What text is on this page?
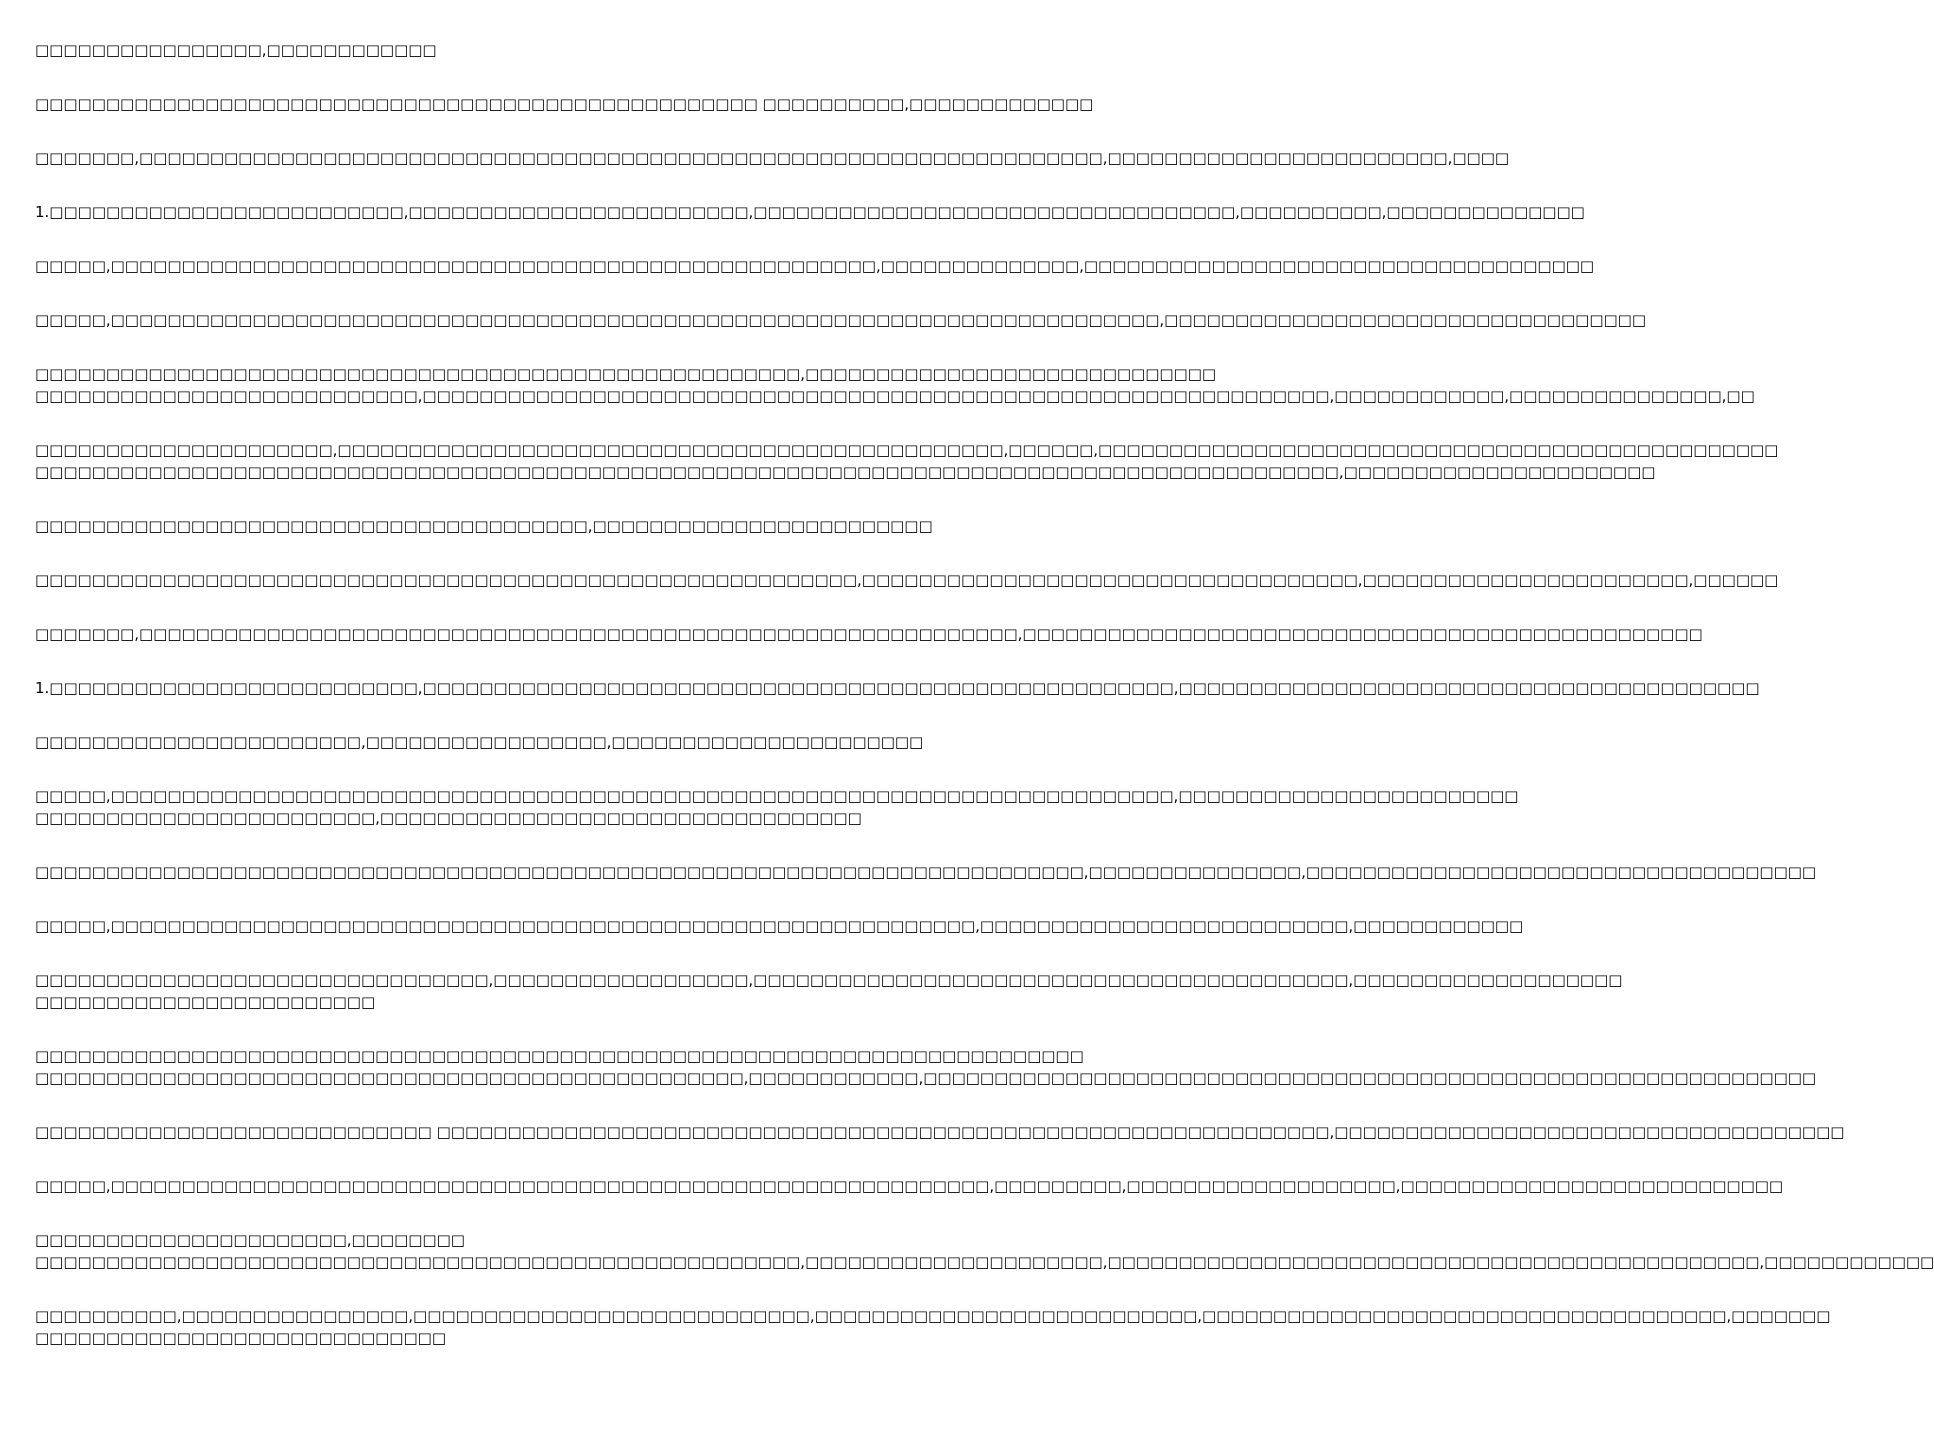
□□□□□□□□□□□□□□□□,□□□□□□□□□□□□

□□□□□□□□□□□□□□□□□□□□□□□□□□□□□□□□□□□□□□□□□□□□□□□□□□□ □□□□□□□□□□,□□□□□□□□□□□□□

□□□□□□□,□□□□□□□□□□□□□□□□□□□□□□□□□□□□□□□□□□□□□□□□□□□□□□□□□□□□□□□□□□□□□□□□□□□□,□□□□□□□□□□□□□□□□□□□□□□□□,□□□□

1.□□□□□□□□□□□□□□□□□□□□□□□□□,□□□□□□□□□□□□□□□□□□□□□□□□,□□□□□□□□□□□□□□□□□□□□□□□□□□□□□□□□□□,□□□□□□□□□□,□□□□□□□□□□□□□□

□□□□□,□□□□□□□□□□□□□□□□□□□□□□□□□□□□□□□□□□□□□□□□□□□□□□□□□□□□□□,□□□□□□□□□□□□□□,□□□□□□□□□□□□□□□□□□□□□□□□□□□□□□□□□□□□

□□□□□,□□□□□□□□□□□□□□□□□□□□□□□□□□□□□□□□□□□□□□□□□□□□□□□□□□□□□□□□□□□□□□□□□□□□□□□□□□,□□□□□□□□□□□□□□□□□□□□□□□□□□□□□□□□□□

□□□□□□□□□□□□□□□□□□□□□□□□□□□□□□□□□□□□□□□□□□□□□□□□□□□□□□,□□□□□□□□□□□□□□□□□□□□□□□□□□□□□
□□□□□□□□□□□□□□□□□□□□□□□□□□□,□□□□□□□□□□□□□□□□□□□□□□□□□□□□□□□□□□□□□□□□□□□□□□□□□□□□□□□□□□□□□□□□,□□□□□□□□□□□□,□□□□□□□□□□□□□□□,□□

□□□□□□□□□□□□□□□□□□□□□,□□□□□□□□□□□□□□□□□□□□□□□□□□□□□□□□□□□□□□□□□□□□□□□,□□□□□□,□□□□□□□□□□□□□□□□□□□□□□□□□□□□□□□□□□□□□□□□□□□□□□□□
□□□□□□□□□□□□□□□□□□□□□□□□□□□□□□□□□□□□□□□□□□□□□□□□□□□□□□□□□□□□□□□□□□□□□□□□□□□□□□□□□□□□□□□□□□□□,□□□□□□□□□□□□□□□□□□□□□□

□□□□□□□□□□□□□□□□□□□□□□□□□□□□□□□□□□□□□□□,□□□□□□□□□□□□□□□□□□□□□□□□

□□□□□□□□□□□□□□□□□□□□□□□□□□□□□□□□□□□□□□□□□□□□□□□□□□□□□□□□□□,□□□□□□□□□□□□□□□□□□□□□□□□□□□□□□□□□□□,□□□□□□□□□□□□□□□□□□□□□□□,□□□□□□

□□□□□□□,□□□□□□□□□□□□□□□□□□□□□□□□□□□□□□□□□□□□□□□□□□□□□□□□□□□□□□□□□□□□□□,□□□□□□□□□□□□□□□□□□□□□□□□□□□□□□□□□□□□□□□□□□□□□□□□

1.□□□□□□□□□□□□□□□□□□□□□□□□□□,□□□□□□□□□□□□□□□□□□□□□□□□□□□□□□□□□□□□□□□□□□□□□□□□□□□□□,□□□□□□□□□□□□□□□□□□□□□□□□□□□□□□□□□□□□□□□□□

□□□□□□□□□□□□□□□□□□□□□□□,□□□□□□□□□□□□□□□□□,□□□□□□□□□□□□□□□□□□□□□□

□□□□□,□□□□□□□□□□□□□□□□□□□□□□□□□□□□□□□□□□□□□□□□□□□□□□□□□□□□□□□□□□□□□□□□□□□□□□□□□□□,□□□□□□□□□□□□□□□□□□□□□□□□
□□□□□□□□□□□□□□□□□□□□□□□□,□□□□□□□□□□□□□□□□□□□□□□□□□□□□□□□□□□

□□□□□□□□□□□□□□□□□□□□□□□□□□□□□□□□□□□□□□□□□□□□□□□□□□□□□□□□□□□□□□□□□□□□□□□□□□,□□□□□□□□□□□□□□□,□□□□□□□□□□□□□□□□□□□□□□□□□□□□□□□□□□□□

□□□□□,□□□□□□□□□□□□□□□□□□□□□□□□□□□□□□□□□□□□□□□□□□□□□□□□□□□□□□□□□□□□□,□□□□□□□□□□□□□□□□□□□□□□□□□□,□□□□□□□□□□□□

□□□□□□□□□□□□□□□□□□□□□□□□□□□□□□□□,□□□□□□□□□□□□□□□□□□,□□□□□□□□□□□□□□□□□□□□□□□□□□□□□□□□□□□□□□□□□□,□□□□□□□□□□□□□□□□□□□
□□□□□□□□□□□□□□□□□□□□□□□□

□□□□□□□□□□□□□□□□□□□□□□□□□□□□□□□□□□□□□□□□□□□□□□□□□□□□□□□□□□□□□□□□□□□□□□□□□□
□□□□□□□□□□□□□□□□□□□□□□□□□□□□□□□□□□□□□□□□□□□□□□□□□□,□□□□□□□□□□□□,□□□□□□□□□□□□□□□□□□□□□□□□□□□□□□□□□□□□□□□□□□□□□□□□□□□□□□□□□□□□□□□

□□□□□□□□□□□□□□□□□□□□□□□□□□□□ □□□□□□□□□□□□□□□□□□□□□□□□□□□□□□□□□□□□□□□□□□□□□□□□□□□□□□□□□□□□□□□,□□□□□□□□□□□□□□□□□□□□□□□□□□□□□□□□□□□□

□□□□□,□□□□□□□□□□□□□□□□□□□□□□□□□□□□□□□□□□□□□□□□□□□□□□□□□□□□□□□□□□□□□□,□□□□□□□□□,□□□□□□□□□□□□□□□□□□□,□□□□□□□□□□□□□□□□□□□□□□□□□□□

□□□□□□□□□□□□□□□□□□□□□□,□□□□□□□□
□□□□□□□□□□□□□□□□□□□□□□□□□□□□□□□□□□□□□□□□□□□□□□□□□□□□□□,□□□□□□□□□□□□□□□□□□□□□,□□□□□□□□□□□□□□□□□□□□□□□□□□□□□□□□□□□□□□□□□□□□□□,□□□□□□□□□□□□

□□□□□□□□□□,□□□□□□□□□□□□□□□□,□□□□□□□□□□□□□□□□□□□□□□□□□□□□,□□□□□□□□□□□□□□□□□□□□□□□□□□□,□□□□□□□□□□□□□□□□□□□□□□□□□□□□□□□□□□□□□,□□□□□□□
□□□□□□□□□□□□□□□□□□□□□□□□□□□□□
